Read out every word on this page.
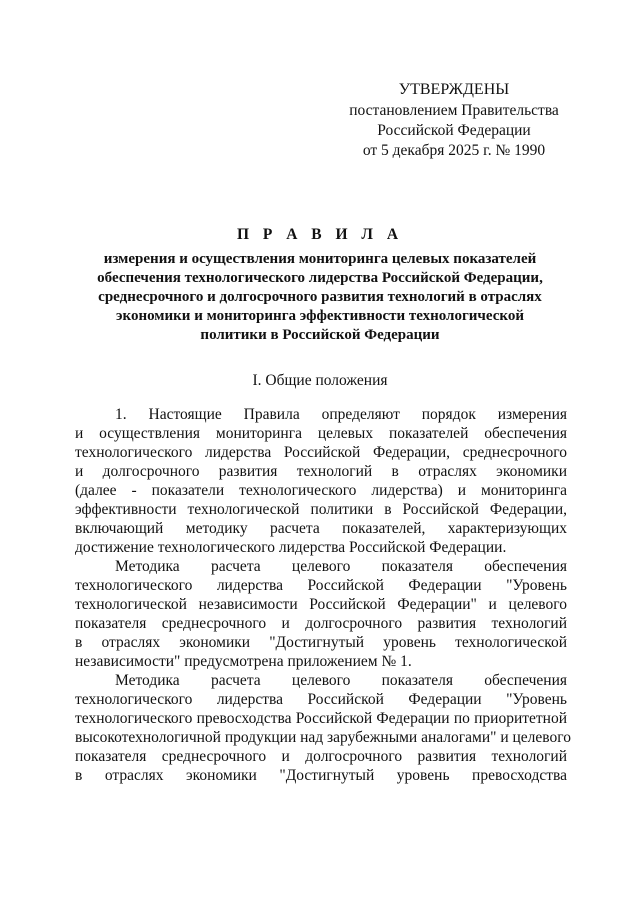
УТВЕРЖДЕНЫ
постановлением Правительства
Российской Федерации
от 5 декабря 2025 г. № 1990
П Р А В И Л А
измерения и осуществления мониторинга целевых показателей
обеспечения технологического лидерства Российской Федерации,
среднесрочного и долгосрочного развития технологий в отраслях
экономики и мониторинга эффективности технологической
политики в Российской Федерации
I. Общие положения
1. Настоящие Правила определяют порядок измерения
и осуществления мониторинга целевых показателей обеспечения
технологического лидерства Российской Федерации, среднесрочного
и долгосрочного развития технологий в отраслях экономики
(далее - показатели технологического лидерства) и мониторинга
эффективности технологической политики в Российской Федерации,
включающий методику расчета показателей, характеризующих
достижение технологического лидерства Российской Федерации.
Методика расчета целевого показателя обеспечения
технологического лидерства Российской Федерации "Уровень
технологической независимости Российской Федерации" и целевого
показателя среднесрочного и долгосрочного развития технологий
в отраслях экономики "Достигнутый уровень технологической
независимости" предусмотрена приложением № 1.
Методика расчета целевого показателя обеспечения
технологического лидерства Российской Федерации "Уровень
технологического превосходства Российской Федерации по приоритетной
высокотехнологичной продукции над зарубежными аналогами" и целевого
показателя среднесрочного и долгосрочного развития технологий
в отраслях экономики "Достигнутый уровень превосходства
